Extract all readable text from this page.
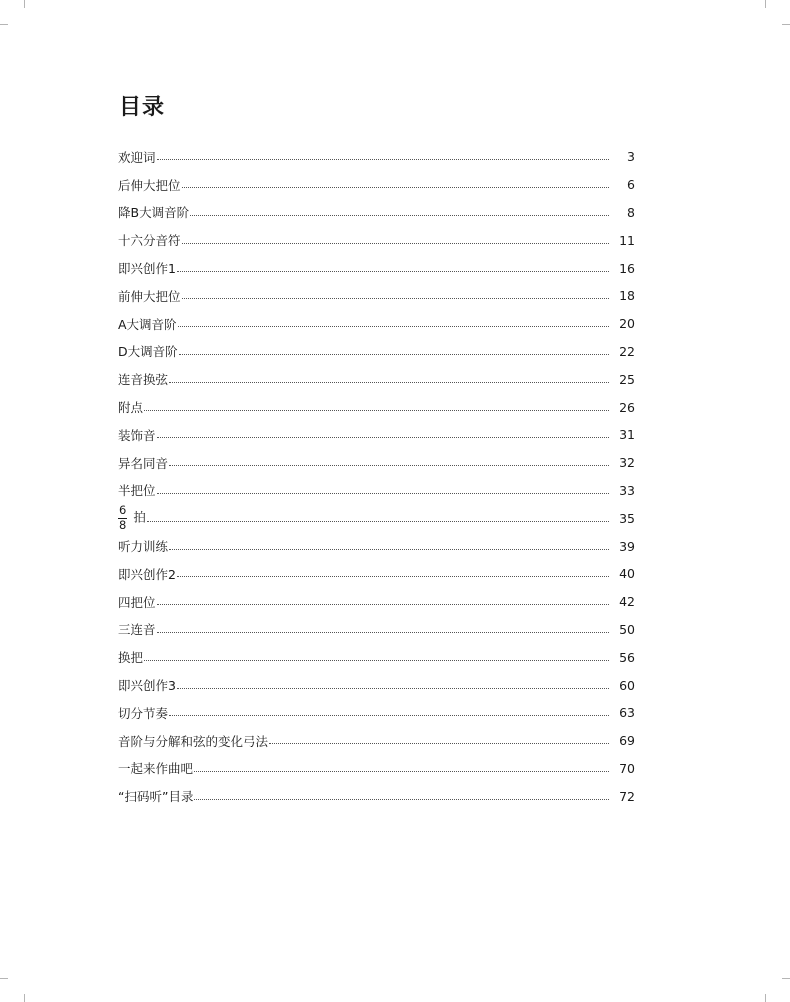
目录
欢迎词	3
后伸大把位	6
降B大调音阶	8
十六分音符	11
即兴创作1	16
前伸大把位	18
A大调音阶	20
D大调音阶	22
连音换弦	25
附点	26
装饰音	31
异名同音	32
半把位	33
$\frac{6}{8}$ 拍	35
听力训练	39
即兴创作2	40
四把位	42
三连音	50
换把	56
即兴创作3	60
切分节奏	63
音阶与分解和弦的变化弓法	69
一起来作曲吧	70
“扫码听”目录	72
